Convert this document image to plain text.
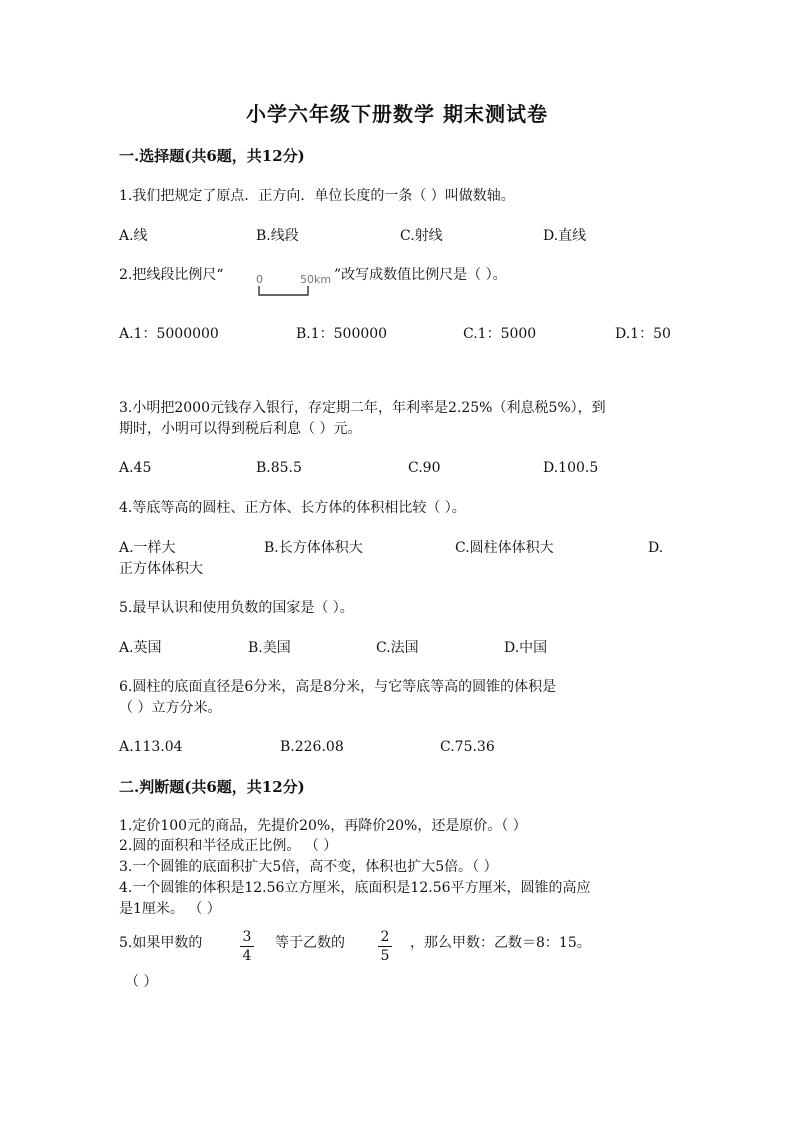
小学六年级下册数学 期末测试卷
一.选择题(共6题，共12分)
1.我们把规定了原点．正方向．单位长度的一条（ ）叫做数轴。
A.线	B.线段	C.射线	D.直线
2.把线段比例尺“	0	50km ”改写成数值比例尺是（ ）。
A.1：5000000	B.1：500000	C.1：5000	D.1：50
3.小明把2000元钱存入银行，存定期二年，年利率是2.25%（利息税5%），到
期时，小明可以得到税后利息（ ）元。
A.45	B.85.5	C.90	D.100.5
4.等底等高的圆柱、正方体、长方体的体积相比较（ ）。
A.一样大	B.长方体体积大	C.圆柱体体积大	D.
正方体体积大
5.最早认识和使用负数的国家是（ ）。
A.英国	B.美国	C.法国	D.中国
6.圆柱的底面直径是6分米，高是8分米，与它等底等高的圆锥的体积是
（ ）立方分米。
A.113.04	B.226.08	C.75.36
二.判断题(共6题，共12分)
1.定价100元的商品，先提价20%，再降价20%，还是原价。（ ）
2.圆的面积和半径成正比例。 （ ）
3.一个圆锥的底面积扩大5倍，高不变，体积也扩大5倍。（ ）
4.一个圆锥的体积是12.56立方厘米，底面积是12.56平方厘米，圆锥的高应
是1厘米。 （ ）
5.如果甲数的	3
4
等于乙数的	2
5
，那么甲数：乙数＝8：15。
（ ）
